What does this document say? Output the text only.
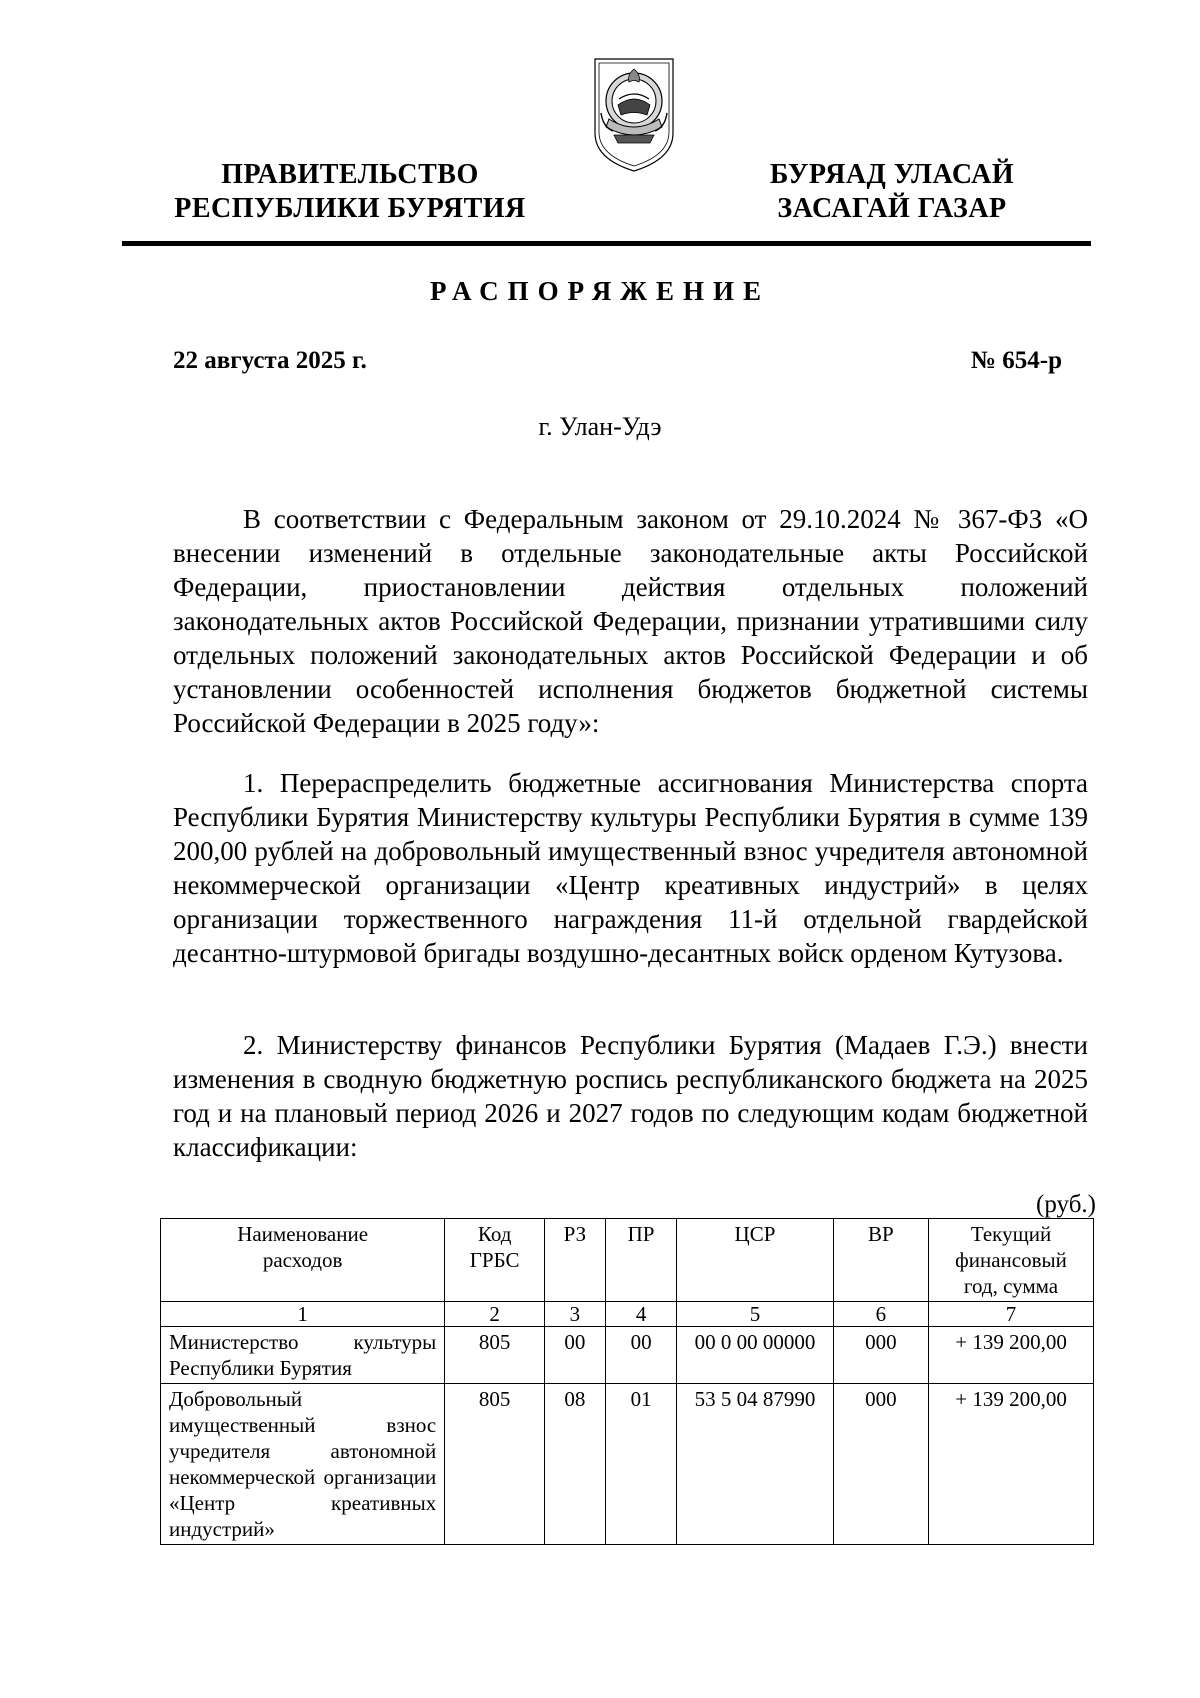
ПРАВИТЕЛЬСТВО
РЕСПУБЛИКИ БУРЯТИЯ
БУРЯАД УЛАСАЙ
ЗАСАГАЙ ГАЗАР
РАСПОРЯЖЕНИЕ
22 августа 2025 г.	№ 654-р
г. Улан-Удэ
В соответствии с Федеральным законом от 29.10.2024 № 367-ФЗ «О внесении изменений в отдельные законодательные акты Российской Федерации, приостановлении действия отдельных положений законодательных актов Российской Федерации, признании утратившими силу отдельных положений законодательных актов Российской Федерации и об установлении особенностей исполнения бюджетов бюджетной системы Российской Федерации в 2025 году»:
1. Перераспределить бюджетные ассигнования Министерства спорта Республики Бурятия Министерству культуры Республики Бурятия в сумме 139 200,00 рублей на добровольный имущественный взнос учредителя автономной некоммерческой организации «Центр креативных индустрий» в целях организации торжественного награждения 11-й отдельной гвардейской десантно-штурмовой бригады воздушно-десантных войск орденом Кутузова.
2. Министерству финансов Республики Бурятия (Мадаев Г.Э.) внести изменения в сводную бюджетную роспись республиканского бюджета на 2025 год и на плановый период 2026 и 2027 годов по следующим кодам бюджетной классификации:
(руб.)
Наименование расходов	Код ГРБС	РЗ	ПР	ЦСР	ВР	Текущий финансовый год, сумма
1	2	3	4	5	6	7
Министерство культуры Республики Бурятия	805	00	00	00 0 00 00000	000	+ 139 200,00
Добровольный имущественный взнос учредителя автономной некоммерческой организации «Центр креативных индустрий»	805	08	01	53 5 04 87990	000	+ 139 200,00
